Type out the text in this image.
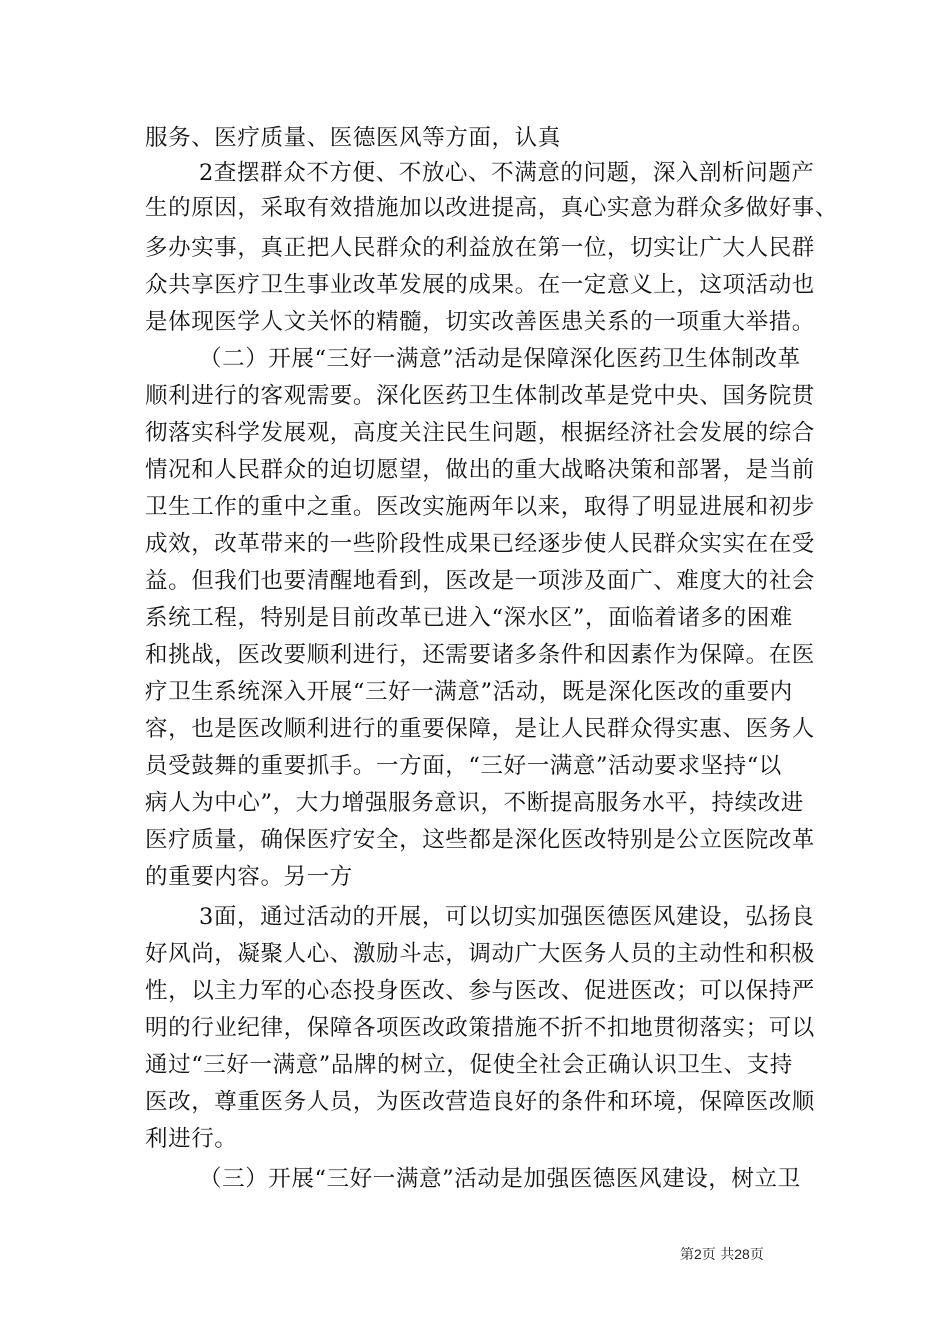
服务、医疗质量、医德医风等方面，认真
2查摆群众不方便、不放心、不满意的问题，深入剖析问题产
生的原因，采取有效措施加以改进提高，真心实意为群众多做好事、
多办实事，真正把人民群众的利益放在第一位，切实让广大人民群
众共享医疗卫生事业改革发展的成果。在一定意义上，这项活动也
是体现医学人文关怀的精髓，切实改善医患关系的一项重大举措。
（二）开展“三好一满意”活动是保障深化医药卫生体制改革
顺利进行的客观需要。深化医药卫生体制改革是党中央、国务院贯
彻落实科学发展观，高度关注民生问题，根据经济社会发展的综合
情况和人民群众的迫切愿望，做出的重大战略决策和部署，是当前
卫生工作的重中之重。医改实施两年以来，取得了明显进展和初步
成效，改革带来的一些阶段性成果已经逐步使人民群众实实在在受
益。但我们也要清醒地看到，医改是一项涉及面广、难度大的社会
系统工程，特别是目前改革已进入“深水区”，面临着诸多的困难
和挑战，医改要顺利进行，还需要诸多条件和因素作为保障。在医
疗卫生系统深入开展“三好一满意”活动，既是深化医改的重要内
容，也是医改顺利进行的重要保障，是让人民群众得实惠、医务人
员受鼓舞的重要抓手。一方面，“三好一满意”活动要求坚持“以
病人为中心”，大力增强服务意识，不断提高服务水平，持续改进
医疗质量，确保医疗安全，这些都是深化医改特别是公立医院改革
的重要内容。另一方
3面，通过活动的开展，可以切实加强医德医风建设，弘扬良
好风尚，凝聚人心、激励斗志，调动广大医务人员的主动性和积极
性，以主力军的心态投身医改、参与医改、促进医改；可以保持严
明的行业纪律，保障各项医改政策措施不折不扣地贯彻落实；可以
通过“三好一满意”品牌的树立，促使全社会正确认识卫生、支持
医改，尊重医务人员，为医改营造良好的条件和环境，保障医改顺
利进行。
（三）开展“三好一满意”活动是加强医德医风建设，树立卫
第2页 共28页
